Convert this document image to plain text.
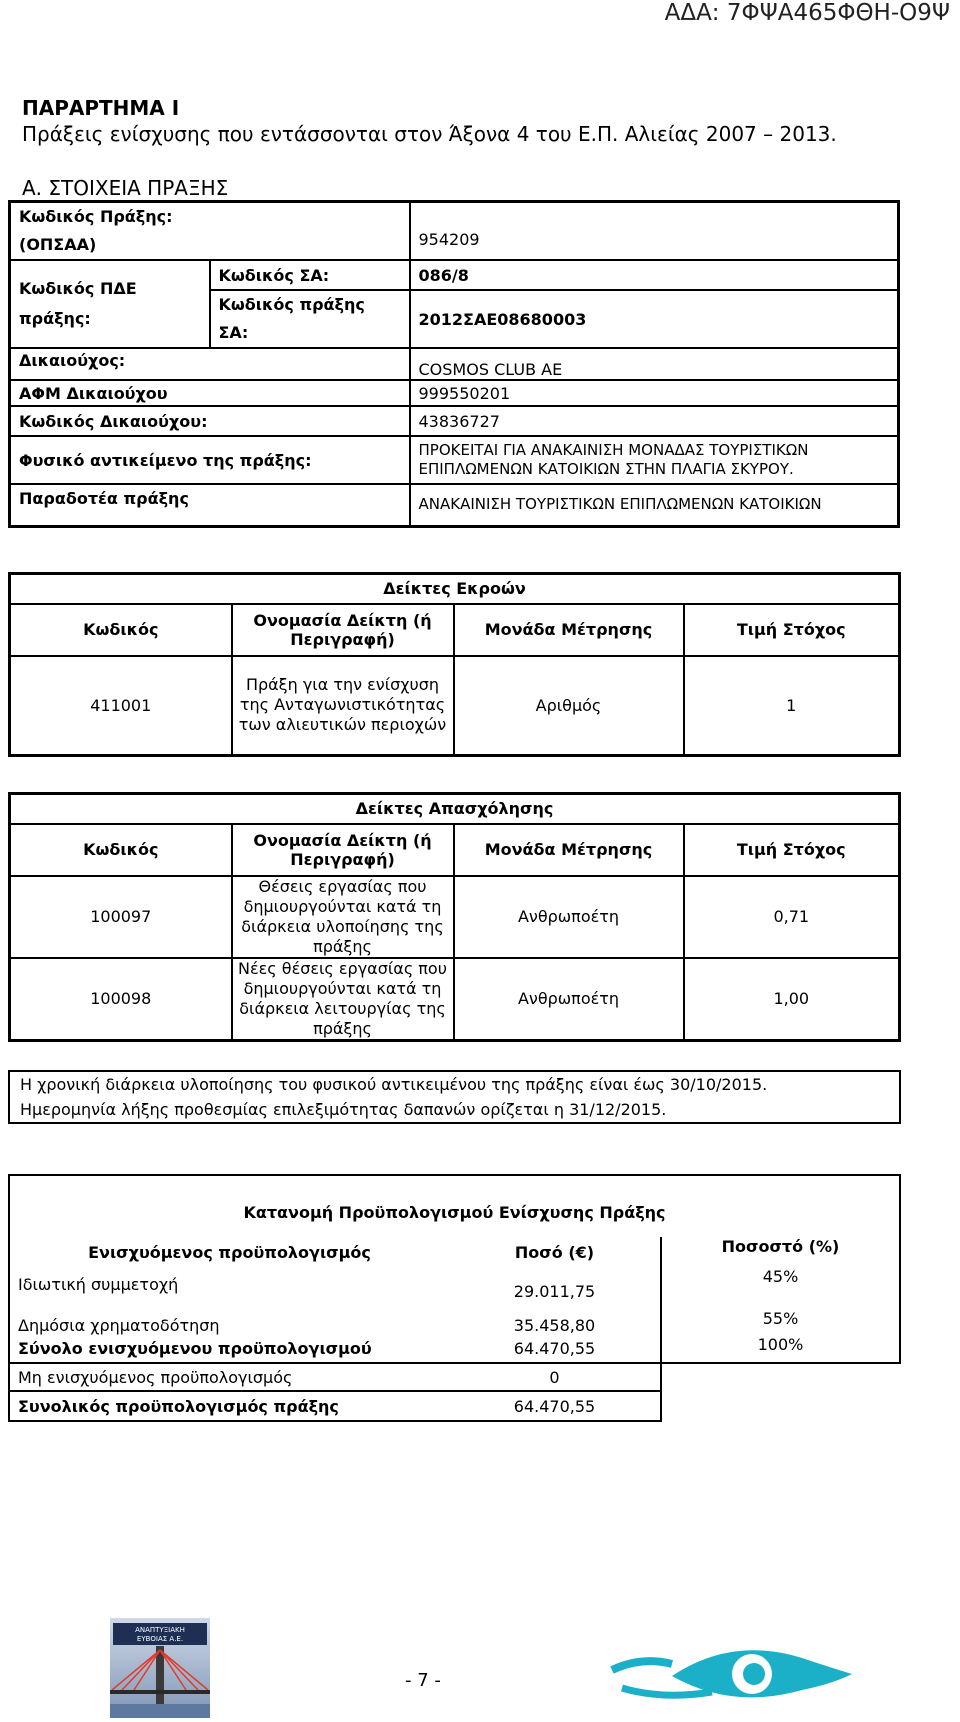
ΑΔΑ: 7ΦΨΑ465ΦΘΗ-Ο9Ψ
ΠΑΡΑΡΤΗΜΑ Ι
Πράξεις ενίσχυσης που εντάσσονται στον Άξονα 4 του Ε.Π. Αλιείας 2007 – 2013.
Α. ΣΤΟΙΧΕΙΑ ΠΡΑΞΗΣ
Κωδικός Πράξης:
(ΟΠΣΑΑ)		954209

Κωδικός ΠΔΕ
πράξης:	Κωδικός ΣΑ:	086/8

	Κωδικός πράξης
ΣΑ:	2012ΣΑΕ08680003
Δικαιούχος:		COSMOS CLUB AE
ΑΦΜ Δικαιούχου		999550201
Κωδικός Δικαιούχου:		43836727
Φυσικό αντικείμενο της πράξης:		ΠΡΟΚΕΙΤΑΙ ΓΙΑ ΑΝΑΚΑΙΝΙΣΗ ΜΟΝΑΔΑΣ ΤΟΥΡΙΣΤΙΚΩΝ ΕΠΙΠΛΩΜΕΝΩΝ ΚΑΤΟΙΚΙΩΝ ΣΤΗΝ ΠΛΑΓΙΑ ΣΚΥΡΟΥ.
Παραδοτέα πράξης		ΑΝΑΚΑΙΝΙΣΗ ΤΟΥΡΙΣΤΙΚΩΝ ΕΠΙΠΛΩΜΕΝΩΝ ΚΑΤΟΙΚΙΩΝ
Δείκτες Εκροών			
Κωδικός	Ονομασία Δείκτη (ή Περιγραφή)	Μονάδα Μέτρησης	Τιμή Στόχος
411001	Πράξη για την ενίσχυση της Ανταγωνιστικότητας των αλιευτικών περιοχών	Αριθμός	1
Δείκτες Απασχόλησης			
Κωδικός	Ονομασία Δείκτη (ή Περιγραφή)	Μονάδα Μέτρησης	Τιμή Στόχος
100097	Θέσεις εργασίας που δημιουργούνται κατά τη διάρκεια υλοποίησης της πράξης	Ανθρωποέτη	0,71
100098	Νέες θέσεις εργασίας που δημιουργούνται κατά τη διάρκεια λειτουργίας της πράξης	Ανθρωποέτη	1,00
Η χρονική διάρκεια υλοποίησης του φυσικού αντικειμένου της πράξης είναι έως 30/10/2015.
Ημερομηνία λήξης προθεσμίας επιλεξιμότητας δαπανών ορίζεται η 31/12/2015.
Κατανομή Προϋπολογισμού Ενίσχυσης Πράξης		
Ενισχυόμενος προϋπολογισμός	Ποσό (€)	Ποσοστό (%)
Ιδιωτική συμμετοχή	29.011,75	45%
Δημόσια χρηματοδότηση	35.458,80	55%
Σύνολο ενισχυόμενου προϋπολογισμού	64.470,55	100%
Μη ενισχυόμενος προϋπολογισμός	0	
Συνολικός προϋπολογισμός πράξης	64.470,55	
ΑΝΑΠΤΥΞΙΑΚΗ
ΕΥΒΟΙΑΣ Α.Ε.
- 7 -
